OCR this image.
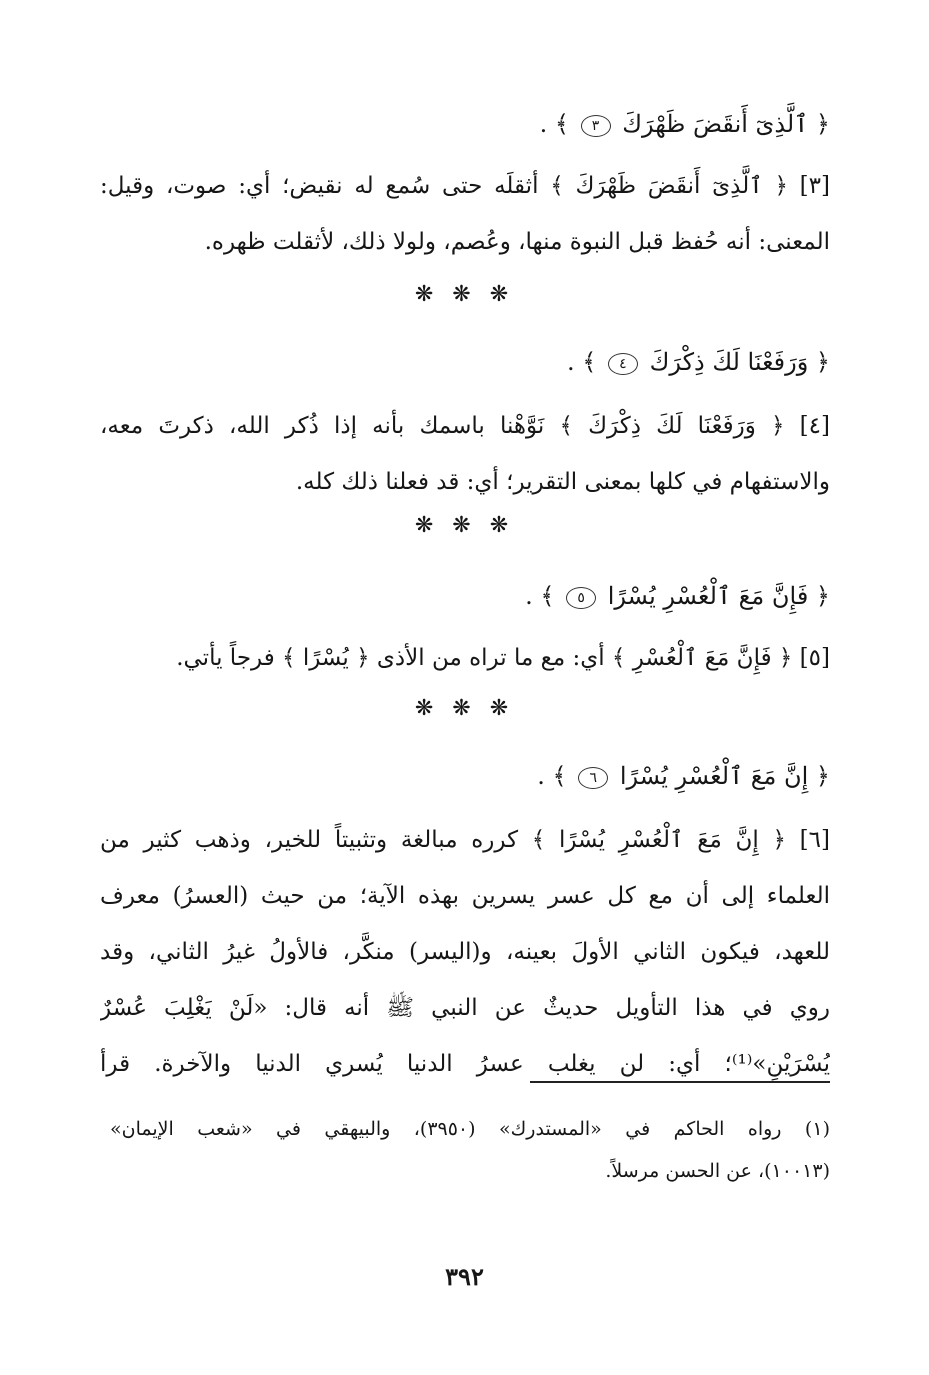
﴿ ٱلَّذِىٓ أَنقَضَ ظَهْرَكَ ٣ ﴾ .
[٣] ﴿ ٱلَّذِىٓ أَنقَضَ ظَهْرَكَ ﴾ أثقلَه حتى سُمع له نقيض؛ أي: صوت، وقيل:
المعنى: أنه حُفظ قبل النبوة منها، وعُصم، ولولا ذلك، لأثقلت ظهره.
❋ ❋ ❋
﴿ وَرَفَعْنَا لَكَ ذِكْرَكَ ٤ ﴾ .
[٤] ﴿ وَرَفَعْنَا لَكَ ذِكْرَكَ ﴾ نَوَّهْنا باسمك بأنه إذا ذُكر الله، ذكرتَ معه،
والاستفهام في كلها بمعنى التقرير؛ أي: قد فعلنا ذلك كله.
❋ ❋ ❋
﴿ فَإِنَّ مَعَ ٱلْعُسْرِ يُسْرًا ٥ ﴾ .
[٥] ﴿ فَإِنَّ مَعَ ٱلْعُسْرِ ﴾ أي: مع ما تراه من الأذى ﴿ يُسْرًا ﴾ فرجاً يأتي.
❋ ❋ ❋
﴿ إِنَّ مَعَ ٱلْعُسْرِ يُسْرًا ٦ ﴾ .
[٦] ﴿ إِنَّ مَعَ ٱلْعُسْرِ يُسْرًا ﴾ كرره مبالغة وتثبيتاً للخير، وذهب كثير من
العلماء إلى أن مع كل عسر يسرين بهذه الآية؛ من حيث (العسرُ) معرف
للعهد، فيكون الثاني الأولَ بعينه، و(اليسر) منكَّر، فالأولُ غيرُ الثاني، وقد
روي في هذا التأويل حديثٌ عن النبي ﷺ أنه قال: «لَنْ يَغْلِبَ عُسْرٌ
يُسْرَيْنِ»⁽¹⁾؛ أي: لن يغلب عسرُ الدنيا يُسري الدنيا والآخرة. قرأ
(١) رواه الحاكم في «المستدرك» (٣٩٥٠)، والبيهقي في «شعب الإيمان»
(١٠٠١٣)، عن الحسن مرسلاً.
٣٩٢
